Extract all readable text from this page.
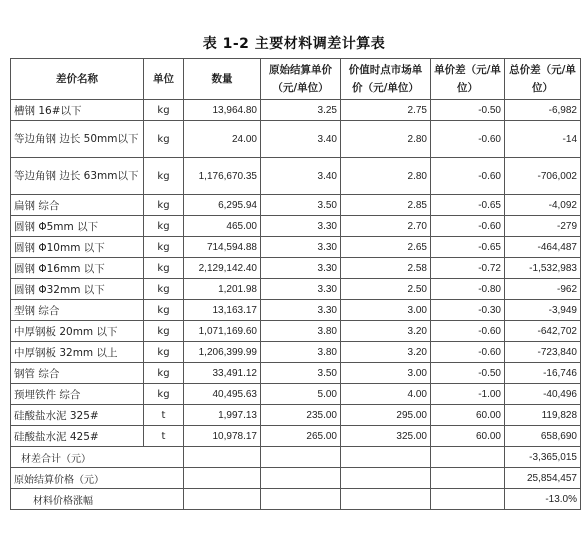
表 1-2 主要材料调差计算表
差价名称	单位	数量	原始结算单价（元/单位）	价值时点市场单价（元/单位）	单价差（元/单位）	总价差（元/单位）
槽钢 16#以下	kg	13,964.80	3.25	2.75	-0.50	-6,982
等边角钢 边长 50mm以下	kg	24.00	3.40	2.80	-0.60	-14
等边角钢 边长 63mm以下	kg	1,176,670.35	3.40	2.80	-0.60	-706,002
扁钢 综合	kg	6,295.94	3.50	2.85	-0.65	-4,092
圆钢 Φ5mm 以下	kg	465.00	3.30	2.70	-0.60	-279
圆钢 Φ10mm 以下	kg	714,594.88	3.30	2.65	-0.65	-464,487
圆钢 Φ16mm 以下	kg	2,129,142.40	3.30	2.58	-0.72	-1,532,983
圆钢 Φ32mm 以下	kg	1,201.98	3.30	2.50	-0.80	-962
型钢 综合	kg	13,163.17	3.30	3.00	-0.30	-3,949
中厚钢板 20mm 以下	kg	1,071,169.60	3.80	3.20	-0.60	-642,702
中厚钢板 32mm 以上	kg	1,206,399.99	3.80	3.20	-0.60	-723,840
钢管 综合	kg	33,491.12	3.50	3.00	-0.50	-16,746
预埋铁件 综合	kg	40,495.63	5.00	4.00	-1.00	-40,496
硅酸盐水泥 325#	t	1,997.13	235.00	295.00	60.00	119,828
硅酸盐水泥 425#	t	10,978.17	265.00	325.00	60.00	658,690
材差合计（元）						-3,365,015
原始结算价格（元）						25,854,457
材料价格涨幅						-13.0%
